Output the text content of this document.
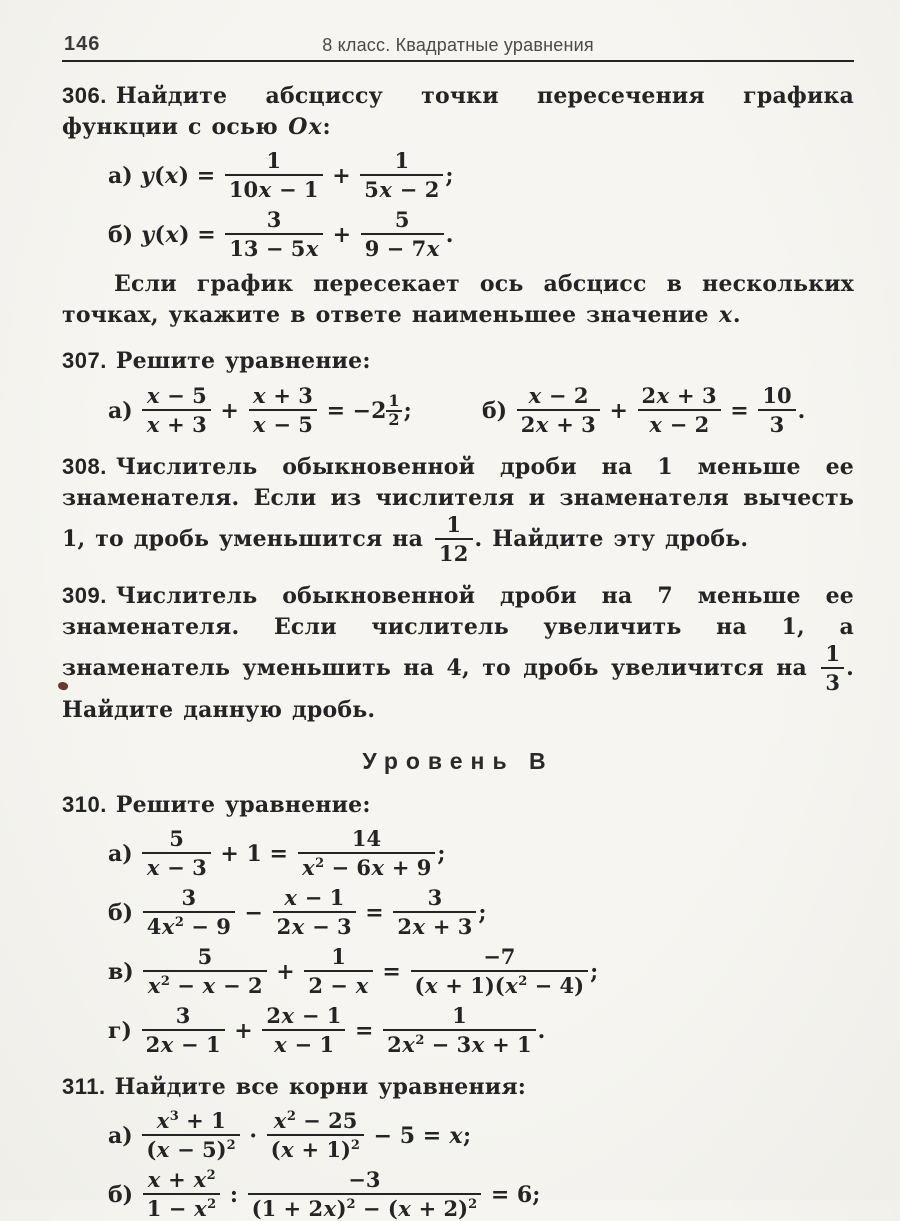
146	8 класс. Квадратные уравнения

306. Найдите абсциссу точки пересечения графика функции с осью Ox:

а) $y(x) = \frac{1}{10x - 1} + \frac{1}{5x - 2}$ ;
б) $y(x) = \frac{3}{13 - 5x} + \frac{5}{9 - 7x}$ .

Если график пересекает ось абсцисс в нескольких точках, укажите в ответе наименьшее значение x.

307. Решите уравнение:

$а) \frac{x - 5}{x + 3} + \frac{x + 3}{x - 5} = -2 \frac{1}{2}$ ;	$б) \frac{x - 2}{2x + 3} + \frac{2x + 3}{x - 2} = \frac{10}{3}$ .

308. Числитель обыкновенной дроби на 1 меньше ее знаменателя. Если из числителя и знаменателя вычесть 1, то дробь уменьшится на $\frac{1}{12}$ . Найдите эту дробь.

309. Числитель обыкновенной дроби на 7 меньше ее знаменателя. Если числитель увеличить на 1, а знаменатель уменьшить на 4, то дробь увеличится на $\frac{1}{3}$ . Найдите данную дробь.

Уровень В

310. Решите уравнение:

$а) \frac{5}{x - 3} + 1 = \frac{14}{x^2 - 6x + 9}$ ;
$б) \frac{3}{4x^2 - 9} - \frac{x - 1}{2x - 3} = \frac{3}{2x + 3}$ ;
$в) \frac{5}{x^2 - x - 2} + \frac{1}{2 - x} = \frac{-7}{(x + 1)(x^2 - 4)}$ ;
$г) \frac{3}{2x - 1} + \frac{2x - 1}{x - 1} = \frac{1}{2x^2 - 3x + 1}$ .

311. Найдите все корни уравнения:

$а) \frac{x^3 + 1}{(x - 5)^2} \cdot \frac{x^2 - 25}{(x + 1)^2} - 5 = x$;
$б) \frac{x + x^2}{1 - x^2}$ : $\frac{-3}{(1 + 2x)^2 - (x + 2)^2} = 6$;
